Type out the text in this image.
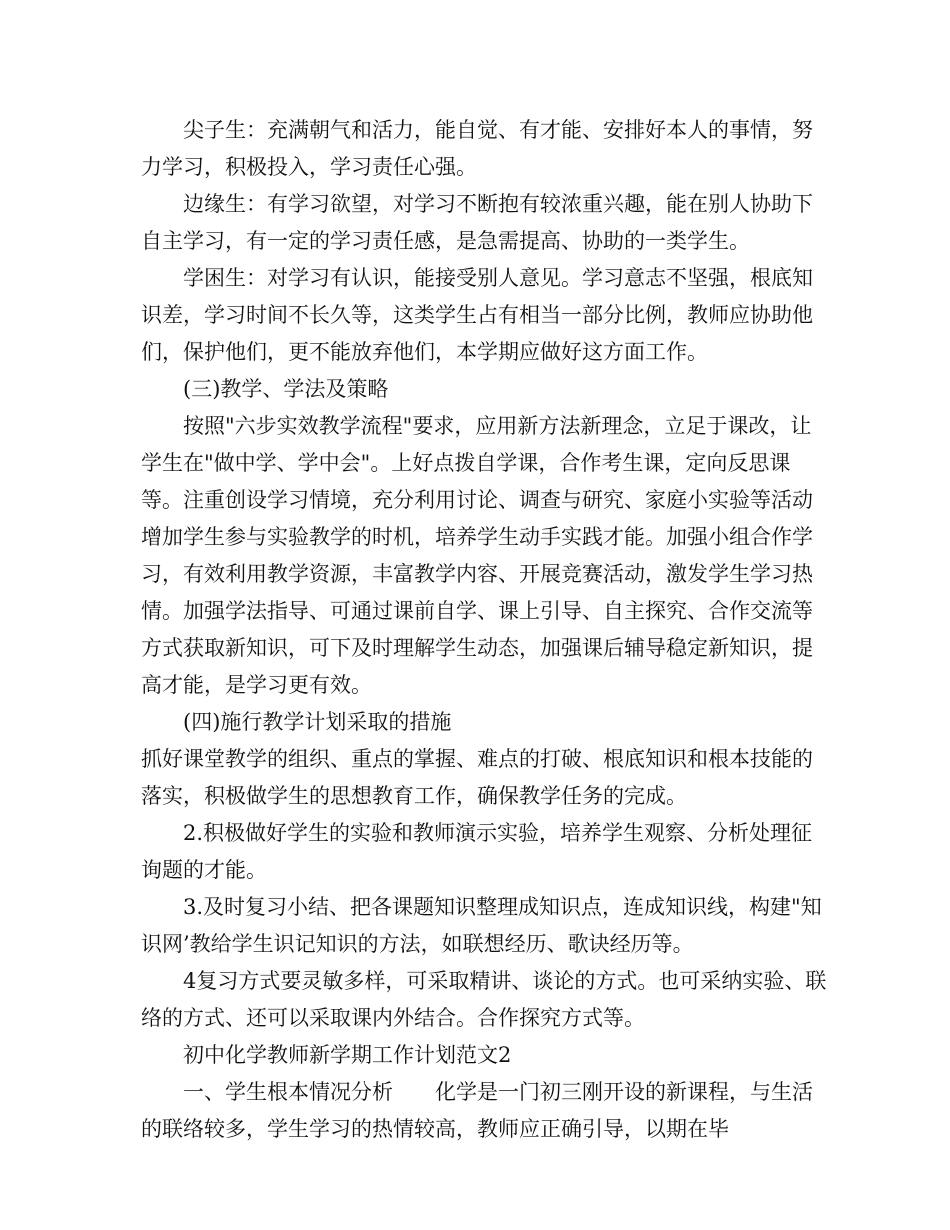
尖子生：充满朝气和活力，能自觉、有才能、安排好本人的事情，努力学习，积极投入，学习责任心强。

边缘生：有学习欲望，对学习不断抱有较浓重兴趣，能在别人协助下自主学习，有一定的学习责任感，是急需提高、协助的一类学生。

学困生：对学习有认识，能接受别人意见。学习意志不坚强，根底知识差，学习时间不长久等，这类学生占有相当一部分比例，教师应协助他们，保护他们，更不能放弃他们，本学期应做好这方面工作。

(三)教学、学法及策略

按照"六步实效教学流程"要求，应用新方法新理念，立足于课改，让学生在"做中学、学中会"。上好点拨自学课，合作考生课，定向反思课等。注重创设学习情境，充分利用讨论、调查与研究、家庭小实验等活动增加学生参与实验教学的时机，培养学生动手实践才能。加强小组合作学习，有效利用教学资源，丰富教学内容、开展竞赛活动，激发学生学习热情。加强学法指导、可通过课前自学、课上引导、自主探究、合作交流等方式获取新知识，可下及时理解学生动态，加强课后辅导稳定新知识，提高才能，是学习更有效。

(四)施行教学计划采取的措施

抓好课堂教学的组织、重点的掌握、难点的打破、根底知识和根本技能的落实，积极做学生的思想教育工作，确保教学任务的完成。

2.积极做好学生的实验和教师演示实验，培养学生观察、分析处理征询题的才能。

3.及时复习小结、把各课题知识整理成知识点，连成知识线，构建"知识网’教给学生识记知识的方法，如联想经历、歌诀经历等。

4复习方式要灵敏多样，可采取精讲、谈论的方式。也可采纳实验、联络的方式、还可以采取课内外结合。合作探究方式等。

初中化学教师新学期工作计划范文2

一、学生根本情况分析　　化学是一门初三刚开设的新课程，与生活的联络较多，学生学习的热情较高，教师应正确引导，以期在毕
